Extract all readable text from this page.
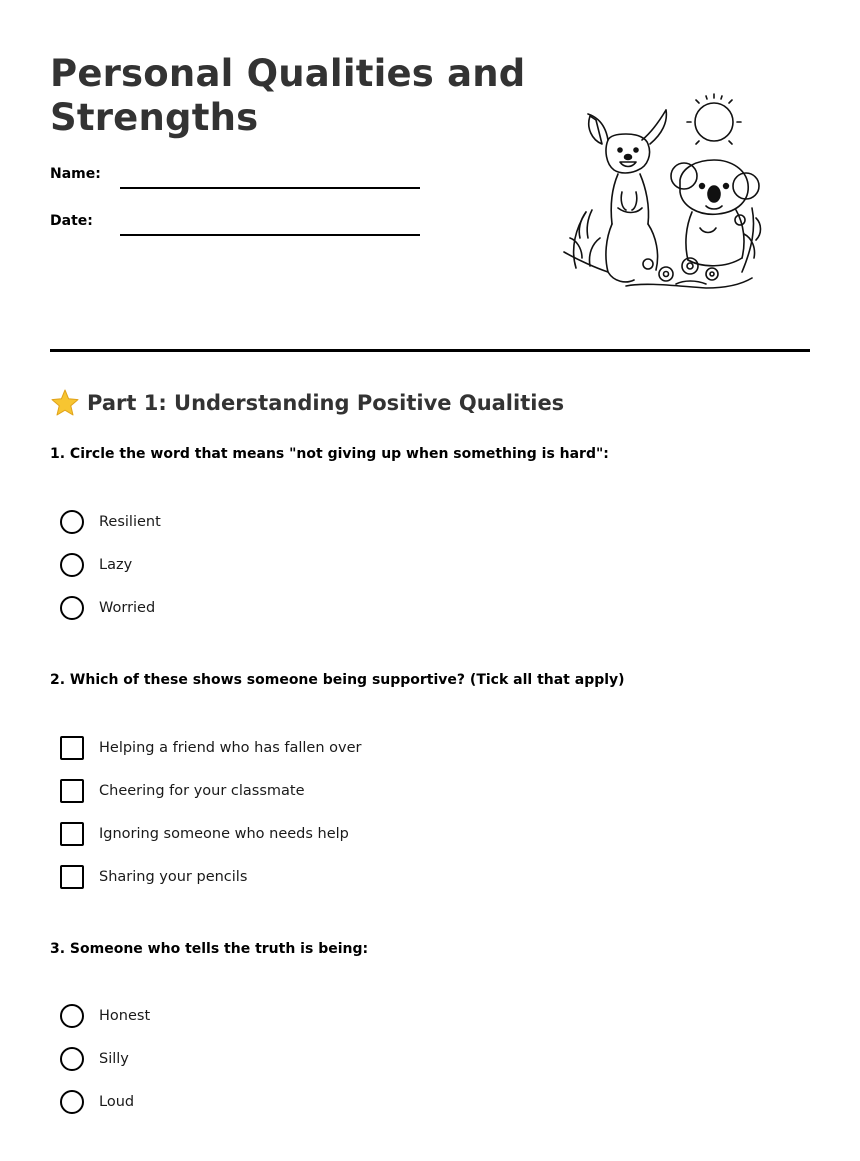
Personal Qualities and
Strengths
Name:
Date:
Part 1: Understanding Positive Qualities
1. Circle the word that means "not giving up when something is hard":
Resilient
Lazy
Worried
2. Which of these shows someone being supportive? (Tick all that apply)
Helping a friend who has fallen over
Cheering for your classmate
Ignoring someone who needs help
Sharing your pencils
3. Someone who tells the truth is being:
Honest
Silly
Loud
